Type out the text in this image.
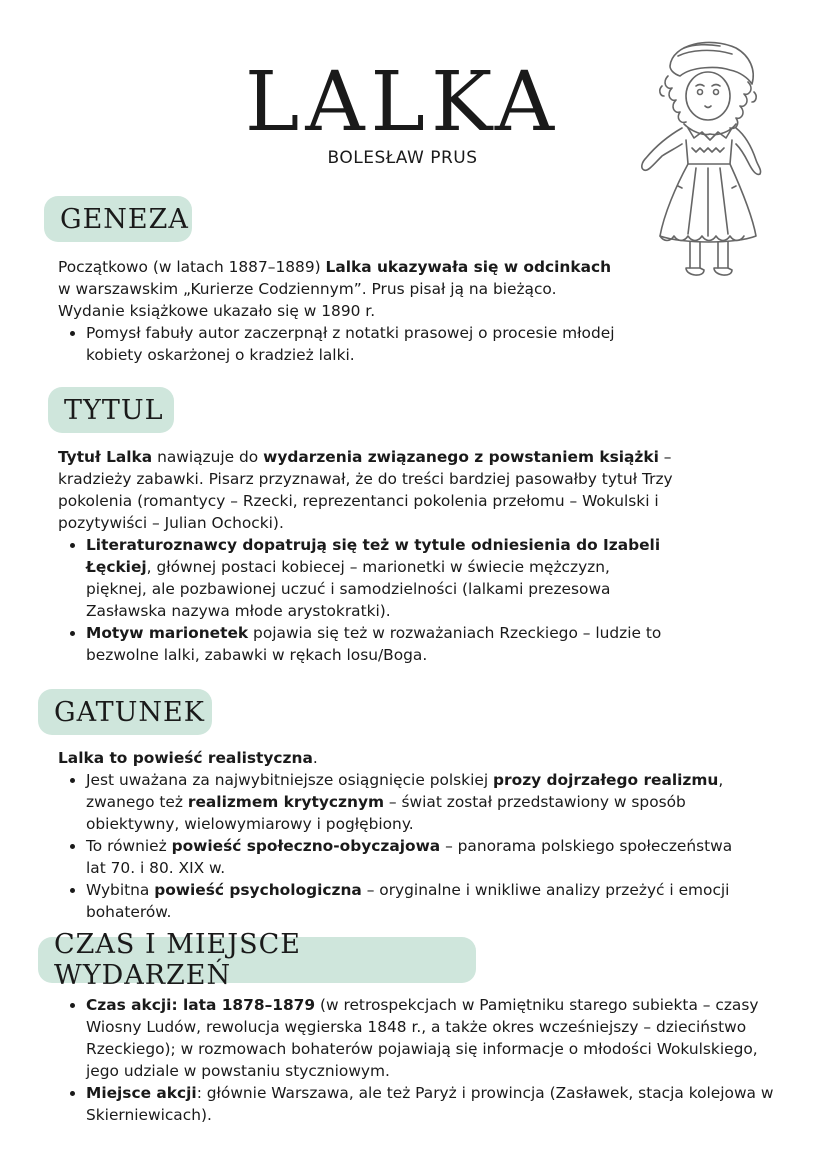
LALKA
BOLESŁAW PRUS
GENEZA

Początkowo (w latach 1887–1889) Lalka ukazywała się w odcinkach w warszawskim „Kurierze Codziennym”. Prus pisał ją na bieżąco. Wydanie książkowe ukazało się w 1890 r.

• Pomysł fabuły autor zaczerpnął z notatki prasowej o procesie młodej kobiety oskarżonej o kradzież lalki.
TYTUL

Tytuł Lalka nawiązuje do wydarzenia związanego z powstaniem książki – kradzieży zabawki. Pisarz przyznawał, że do treści bardziej pasowałby tytuł Trzy pokolenia (romantycy – Rzecki, reprezentanci pokolenia przełomu – Wokulski i pozytywiści – Julian Ochocki).

• Literaturoznawcy dopatrują się też w tytule odniesienia do Izabeli Łęckiej, głównej postaci kobiecej – marionetki w świecie mężczyzn, pięknej, ale pozbawionej uczuć i samodzielności (lalkami prezesowa Zasławska nazywa młode arystokratki).
• Motyw marionetek pojawia się też w rozważaniach Rzeckiego – ludzie to bezwolne lalki, zabawki w rękach losu/Boga.
GATUNEK

Lalka to powieść realistyczna.

• Jest uważana za najwybitniejsze osiągnięcie polskiej prozy dojrzałego realizmu, zwanego też realizmem krytycznym – świat został przedstawiony w sposób obiektywny, wielowymiarowy i pogłębiony.
• To również powieść społeczno-obyczajowa – panorama polskiego społeczeństwa lat 70. i 80. XIX w.
• Wybitna powieść psychologiczna – oryginalne i wnikliwe analizy przeżyć i emocji bohaterów.
CZAS I MIEJSCE WYDARZEŃ
• Czas akcji: lata 1878–1879 (w retrospekcjach w Pamiętniku starego subiekta – czasy Wiosny Ludów, rewolucja węgierska 1848 r., a także okres wcześniejszy – dzieciństwo Rzeckiego); w rozmowach bohaterów pojawiają się informacje o młodości Wokulskiego, jego udziale w powstaniu styczniowym.
• Miejsce akcji: głównie Warszawa, ale też Paryż i prowincja (Zasławek, stacja kolejowa w Skierniewicach).
